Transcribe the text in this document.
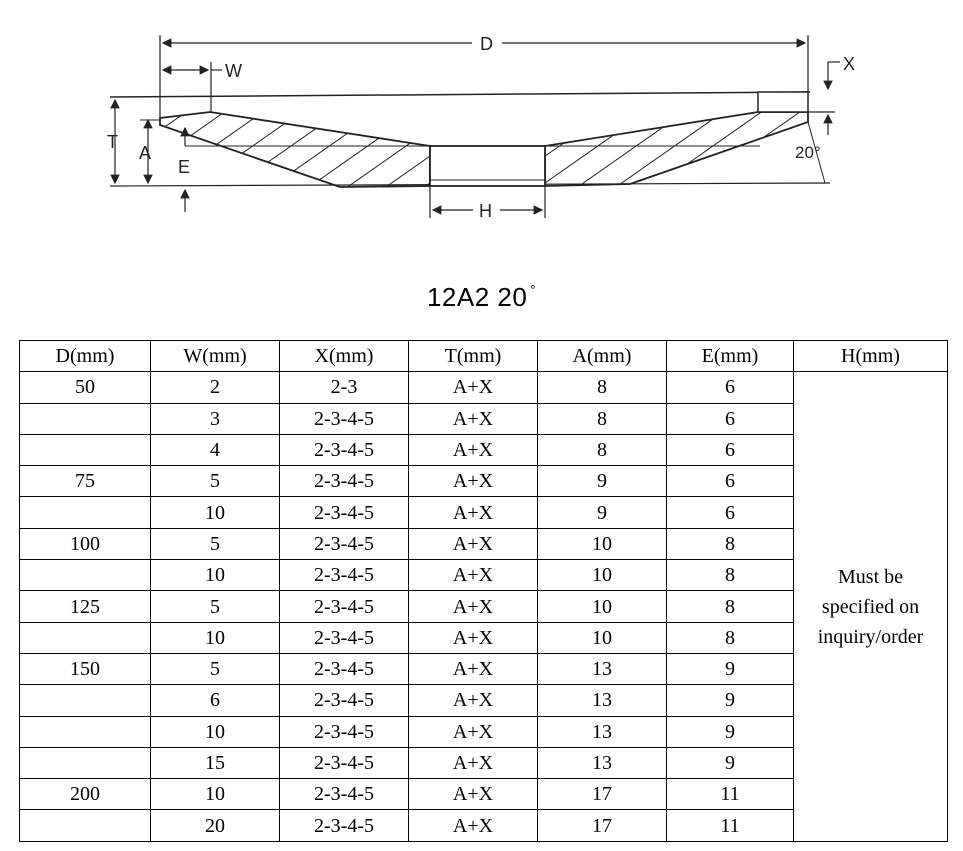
D
W	X
20°
T
A
E
H
12A2 20 °
D(mm)	W(mm)	X(mm)	T(mm)	A(mm)	E(mm)	H(mm)
50	2	2-3	A+X	8	6	Must be specified on inquiry/order
	3	2-3-4-5	A+X	8	6	
	4	2-3-4-5	A+X	8	6	
75	5	2-3-4-5	A+X	9	6	
	10	2-3-4-5	A+X	9	6	
100	5	2-3-4-5	A+X	10	8	
	10	2-3-4-5	A+X	10	8	
125	5	2-3-4-5	A+X	10	8	
	10	2-3-4-5	A+X	10	8	
150	5	2-3-4-5	A+X	13	9	
	6	2-3-4-5	A+X	13	9	
	10	2-3-4-5	A+X	13	9	
	15	2-3-4-5	A+X	13	9	
200	10	2-3-4-5	A+X	17	11	
	20	2-3-4-5	A+X	17	11	
